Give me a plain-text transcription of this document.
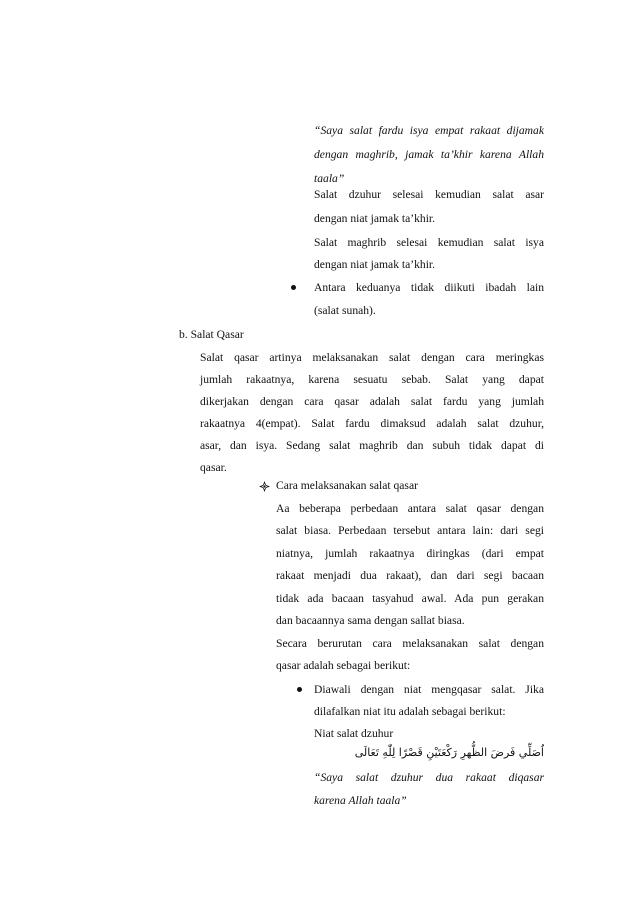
“Saya salat fardu isya empat rakaat dijamak
dengan maghrib, jamak ta’khir karena Allah
taala”
Salat dzuhur selesai kemudian salat asar
dengan niat jamak ta’khir.
Salat maghrib selesai kemudian salat isya
dengan niat jamak ta’khir.
Antara keduanya tidak diikuti ibadah lain
(salat sunah).
b. Salat Qasar
Salat qasar artinya melaksanakan salat dengan cara meringkas
jumlah rakaatnya, karena sesuatu sebab. Salat yang dapat
dikerjakan dengan cara qasar adalah salat fardu yang jumlah
rakaatnya 4(empat). Salat fardu dimaksud adalah salat dzuhur,
asar, dan isya. Sedang salat maghrib dan subuh tidak dapat di
qasar.
Cara melaksanakan salat qasar
Aa beberapa perbedaan antara salat qasar dengan
salat biasa. Perbedaan tersebut antara lain: dari segi
niatnya, jumlah rakaatnya diringkas (dari empat
rakaat menjadi dua rakaat), dan dari segi bacaan
tidak ada bacaan tasyahud awal. Ada pun gerakan
dan bacaannya sama dengan sallat biasa.
Secara berurutan cara melaksanakan salat dengan
qasar adalah sebagai berikut:
Diawali dengan niat mengqasar salat. Jika
dilafalkan niat itu adalah sebagai berikut:
Niat salat dzuhur
اُصَلِّي فَرضَ الظُّهرِ رَكْعَتَيْنِ قَصْرًا لِلّٰهِ تَعَالَى
“Saya salat dzuhur dua rakaat diqasar
karena Allah taala”
